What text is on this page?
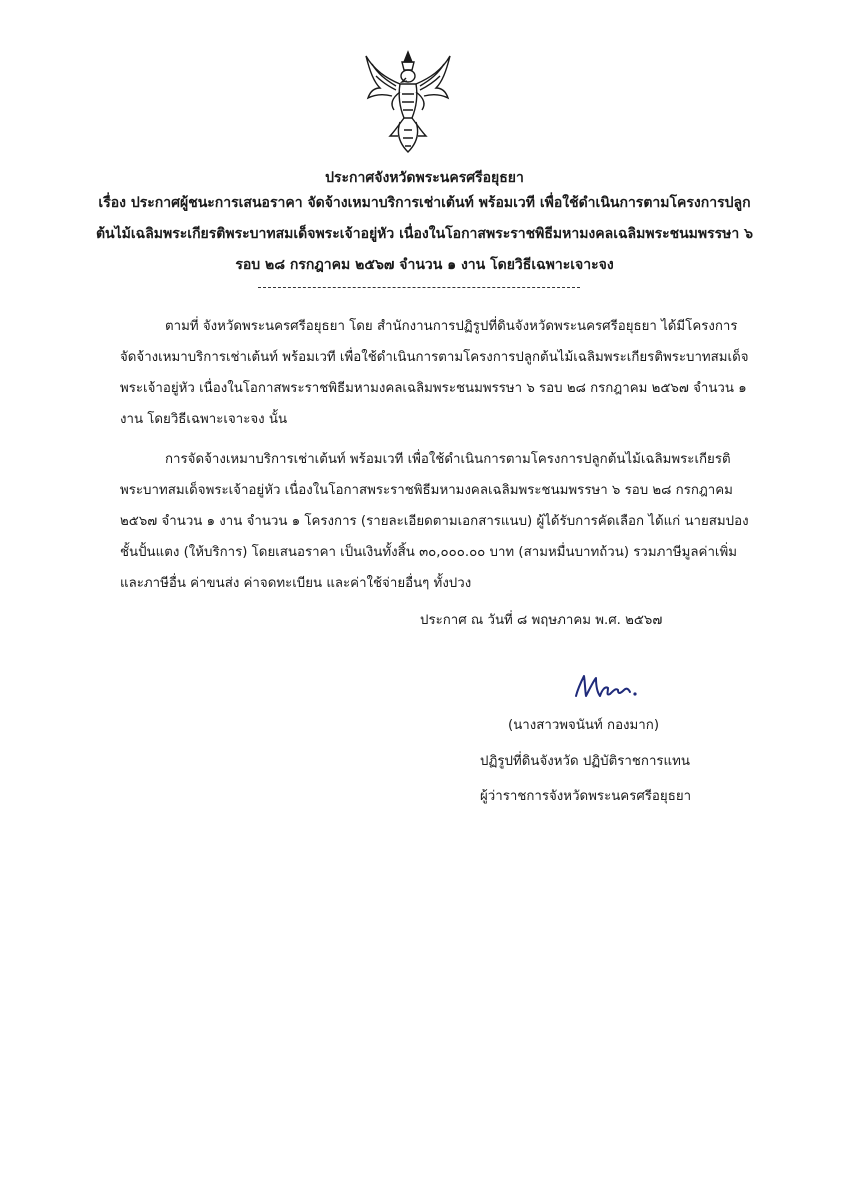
ประกาศจังหวัดพระนครศรีอยุธยา
เรื่อง ประกาศผู้ชนะการเสนอราคา จัดจ้างเหมาบริการเช่าเต้นท์ พร้อมเวที เพื่อใช้ดำเนินการตามโครงการปลูก
ต้นไม้เฉลิมพระเกียรติพระบาทสมเด็จพระเจ้าอยู่หัว เนื่องในโอกาสพระราชพิธีมหามงคลเฉลิมพระชนมพรรษา ๖
รอบ ๒๘ กรกฎาคม ๒๕๖๗ จำนวน ๑ งาน โดยวิธีเฉพาะเจาะจง
ตามที่ จังหวัดพระนครศรีอยุธยา โดย สำนักงานการปฏิรูปที่ดินจังหวัดพระนครศรีอยุธยา ได้มีโครงการ
จัดจ้างเหมาบริการเช่าเต้นท์ พร้อมเวที เพื่อใช้ดำเนินการตามโครงการปลูกต้นไม้เฉลิมพระเกียรติพระบาทสมเด็จ
พระเจ้าอยู่หัว เนื่องในโอกาสพระราชพิธีมหามงคลเฉลิมพระชนมพรรษา ๖ รอบ ๒๘ กรกฎาคม ๒๕๖๗ จำนวน ๑
งาน โดยวิธีเฉพาะเจาะจง นั้น
การจัดจ้างเหมาบริการเช่าเต้นท์ พร้อมเวที เพื่อใช้ดำเนินการตามโครงการปลูกต้นไม้เฉลิมพระเกียรติ
พระบาทสมเด็จพระเจ้าอยู่หัว เนื่องในโอกาสพระราชพิธีมหามงคลเฉลิมพระชนมพรรษา ๖ รอบ ๒๘ กรกฎาคม
๒๕๖๗ จำนวน ๑ งาน จำนวน ๑ โครงการ (รายละเอียดตามเอกสารแนบ) ผู้ได้รับการคัดเลือก ได้แก่ นายสมปอง
ชั้นปั้นแตง (ให้บริการ) โดยเสนอราคา เป็นเงินทั้งสิ้น ๓๐,๐๐๐.๐๐ บาท (สามหมื่นบาทถ้วน) รวมภาษีมูลค่าเพิ่ม
และภาษีอื่น ค่าขนส่ง ค่าจดทะเบียน และค่าใช้จ่ายอื่นๆ ทั้งปวง
ประกาศ ณ วันที่ ๘ พฤษภาคม พ.ศ. ๒๕๖๗
(นางสาวพจนันท์ กองมาก)
ปฏิรูปที่ดินจังหวัด ปฏิบัติราชการแทน
ผู้ว่าราชการจังหวัดพระนครศรีอยุธยา
